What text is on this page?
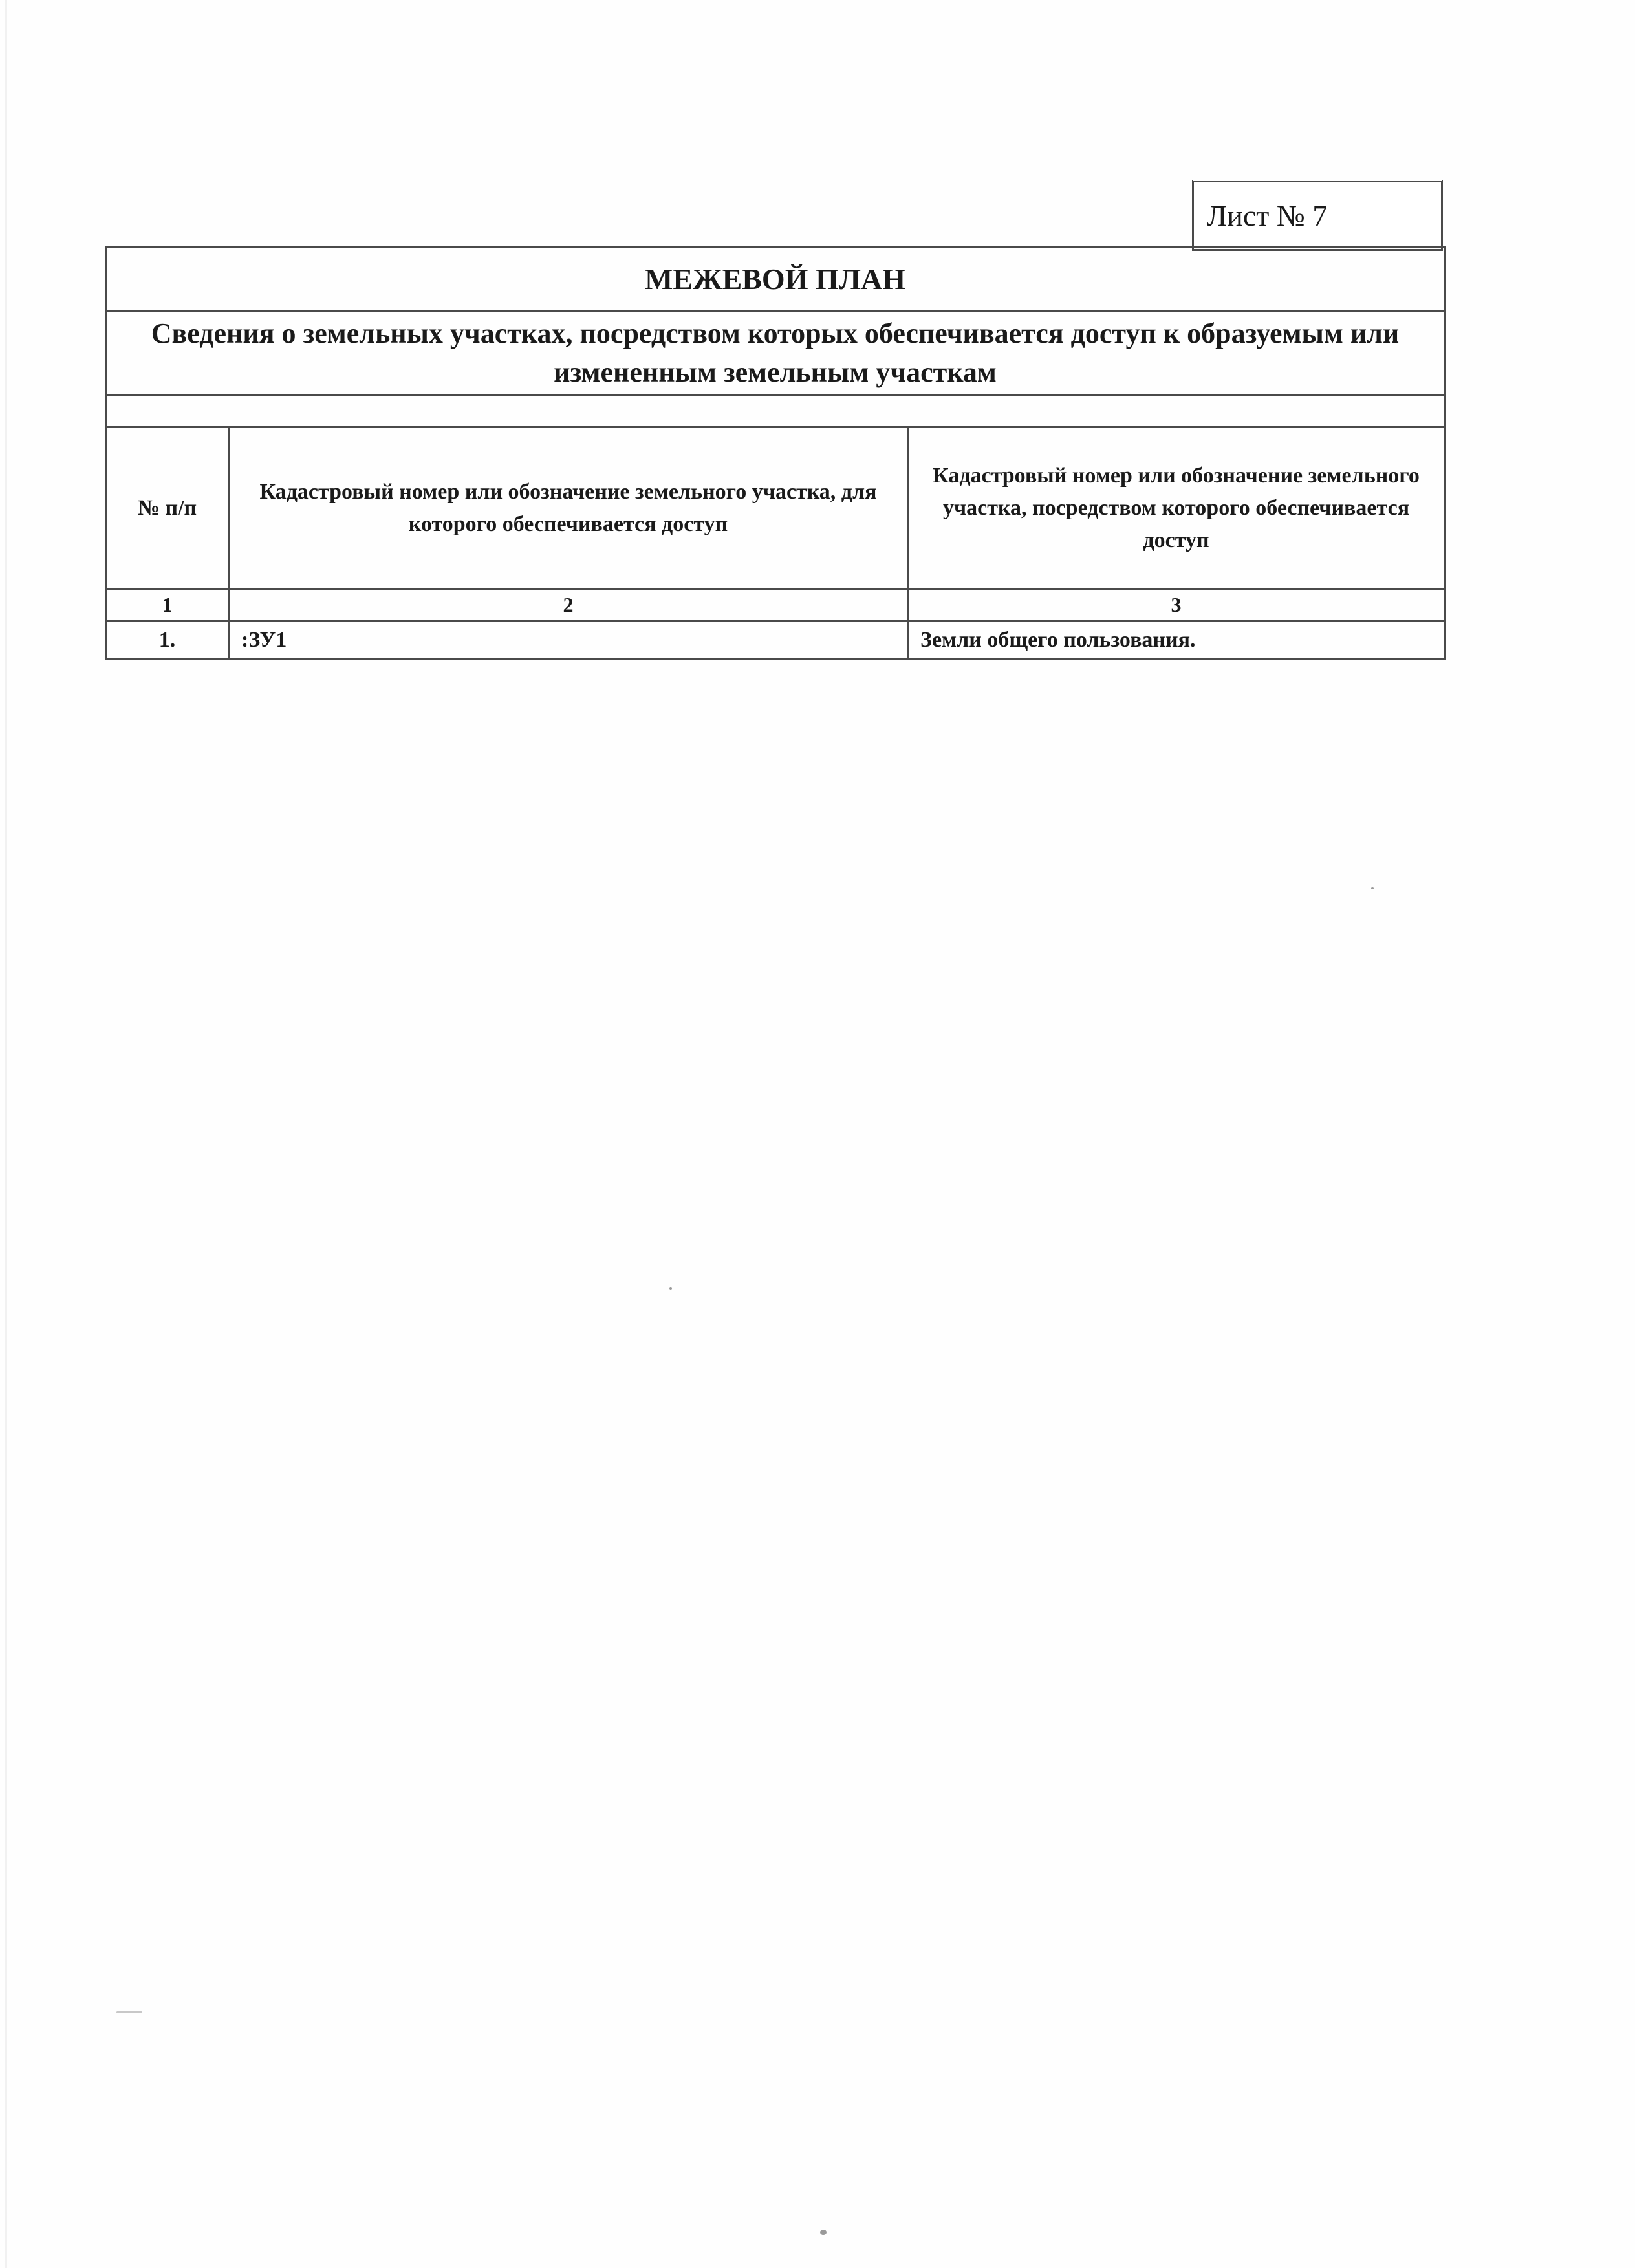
Лист № 7
МЕЖЕВОЙ ПЛАН		
Сведения о земельных участках, посредством которых обеспечивается доступ к образуемым или измененным земельным участкам		

№ п/п	Кадастровый номер или обозначение земельного участка, для которого обеспечивается доступ	Кадастровый номер или обозначение земельного участка, посредством которого обеспечивается доступ
1	2	3
1.	:ЗУ1	Земли общего пользования.
